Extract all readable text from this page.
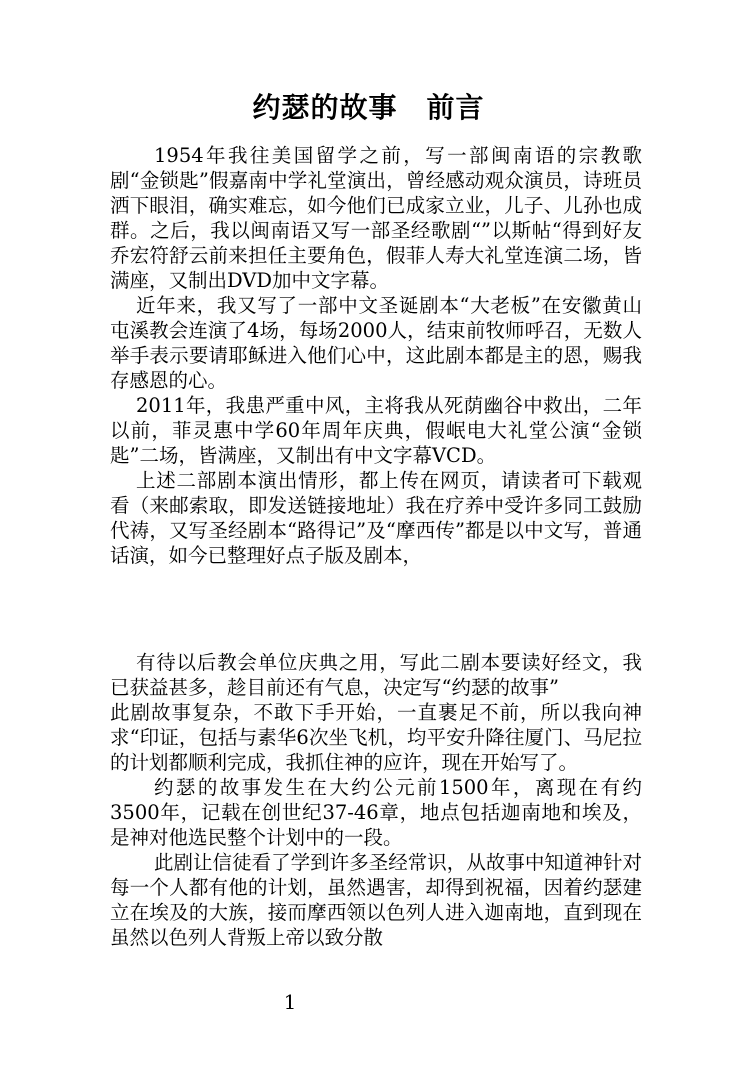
约瑟的故事　前言

1954年我往美国留学之前，写一部闽南语的宗教歌剧“金锁匙”假嘉南中学礼堂演出，曾经感动观众演员，诗班员洒下眼泪，确实难忘，如今他们已成家立业，儿子、儿孙也成群。之后，我以闽南语又写一部圣经歌剧“”以斯帖“得到好友乔宏符舒云前来担任主要角色，假菲人寿大礼堂连演二场，皆满座，又制出DVD加中文字幕。

近年来，我又写了一部中文圣诞剧本“大老板”在安徽黄山屯溪教会连演了4场，每场2000人，结束前牧师呼召，无数人举手表示要请耶稣进入他们心中，这此剧本都是主的恩，赐我存感恩的心。

2011年，我患严重中风，主将我从死荫幽谷中救出，二年以前，菲灵惠中学60年周年庆典，假岷电大礼堂公演“金锁匙”二场，皆满座，又制出有中文字幕VCD。

上述二部剧本演出情形，都上传在网页，请读者可下载观看（来邮索取，即发送链接地址）我在疗养中受许多同工鼓励代祷，又写圣经剧本“路得记”及“摩西传”都是以中文写，普通话演，如今已整理好点子版及剧本，

有待以后教会单位庆典之用，写此二剧本要读好经文，我已获益甚多，趁目前还有气息，决定写“约瑟的故事”

此剧故事复杂，不敢下手开始，一直裹足不前，所以我向神求“印证，包括与素华6次坐飞机，均平安升降往厦门、马尼拉的计划都顺利完成，我抓住神的应许，现在开始写了。

约瑟的故事发生在大约公元前1500年，离现在有约3500年，记载在创世纪37-46章，地点包括迦南地和埃及，是神对他选民整个计划中的一段。

此剧让信徒看了学到许多圣经常识，从故事中知道神针对每一个人都有他的计划，虽然遇害，却得到祝福，因着约瑟建立在埃及的大族，接而摩西领以色列人进入迦南地，直到现在虽然以色列人背叛上帝以致分散

1
